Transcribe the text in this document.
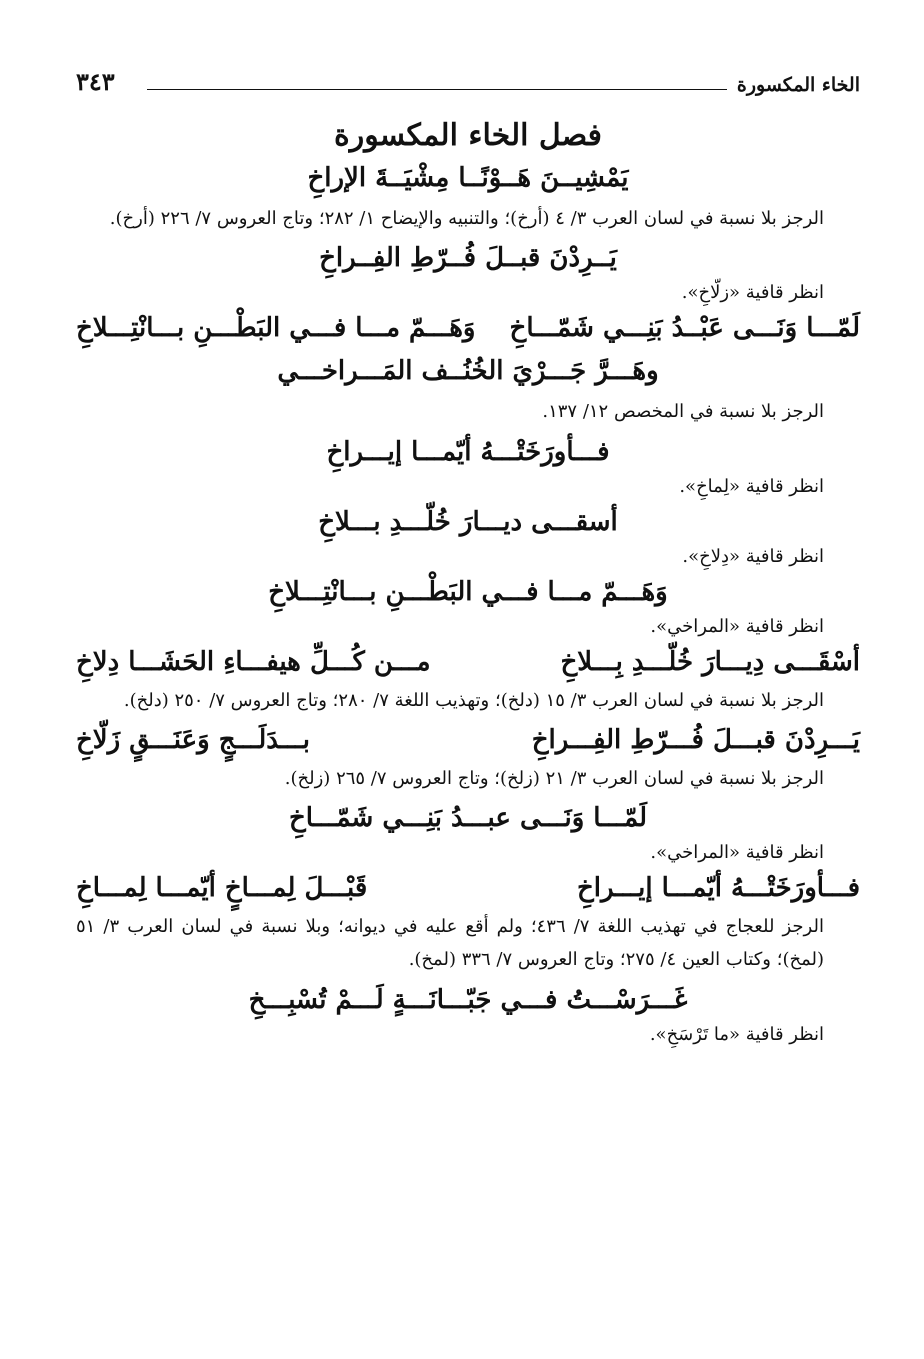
الخاء المكسورة
٣٤٣
فصل الخاء المكسورة
يَمْشِيــنَ هَــوْنًــا مِشْيَــةَ الإراخِ
الرجز بلا نسبة في لسان العرب ٣/ ٤ (أرخ)؛ والتنبيه والإيضاح ١/ ٢٨٢؛ وتاج العروس ٧/ ٢٢٦ (أرخ).
يَــرِدْنَ قبــلَ فُــرّطِ الفِــراخِ
انظر قافية «زلّاخِ».
لَمّـــا وَنَـــى عَبْــدُ بَنِـــي شَمّـــاخِ
وَهَـــمّ مـــا فـــي البَطْـــنِ بـــانْتِـــلاخِ
وهَـــرَّ جَـــرْيَ الخُنُــف المَـــراخـــي
الرجز بلا نسبة في المخصص ١٢/ ١٣٧.
فـــأورَخَتْـــهُ أيّمـــا إيـــراخِ
انظر قافية «لِماخِ».
أسقـــى ديـــارَ خُلّـــدِ بـــلاخِ
انظر قافية «دِلاخِ».
وَهَـــمّ مـــا فـــي البَطْـــنِ بـــانْتِـــلاخِ
انظر قافية «المراخي».
أسْقَـــى دِيـــارَ خُلّـــدِ بِـــلاخِ
مـــن كُـــلِّ هيفـــاءِ الحَشَـــا دِلاخِ
الرجز بلا نسبة في لسان العرب ٣/ ١٥ (دلخ)؛ وتهذيب اللغة ٧/ ٢٨٠؛ وتاج العروس ٧/ ٢٥٠ (دلخ).
يَـــرِدْنَ قبـــلَ فُـــرّطِ الفِـــراخِ
بـــدَلَـــجٍ وَعَنَـــقٍ زَلّاخِ
الرجز بلا نسبة في لسان العرب ٣/ ٢١ (زلخ)؛ وتاج العروس ٧/ ٢٦٥ (زلخ).
لَمّـــا وَنَـــى عبـــدُ بَنِـــي شَمّـــاخِ
انظر قافية «المراخي».
فـــأورَخَتْـــهُ أيّمـــا إيـــراخِ
قَبْـــلَ لِمـــاخٍ أيّمـــا لِمـــاخِ
الرجز للعجاج في تهذيب اللغة ٧/ ٤٣٦؛ ولم أقع عليه في ديوانه؛ وبلا نسبة في لسان العرب ٣/ ٥١ (لمخ)؛ وكتاب العين ٤/ ٢٧٥؛ وتاج العروس ٧/ ٣٣٦ (لمخ).
غَـــرَسْـــتُ فـــي جَبّـــانَـــةٍ لَـــمْ تُسْبِـــخِ
انظر قافية «ما تَرْسَخِ».
